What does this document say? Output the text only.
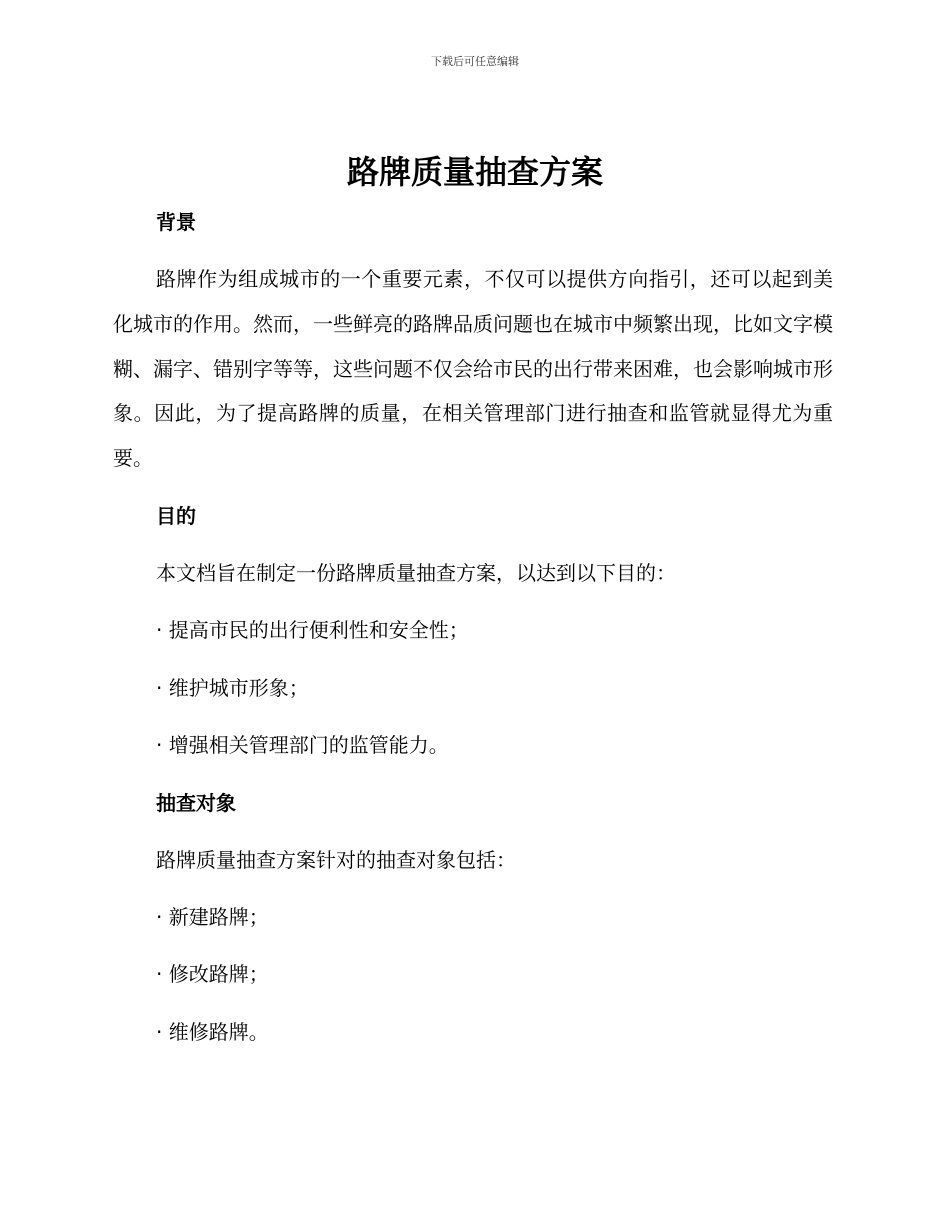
下载后可任意编辑
路牌质量抽查方案
背景

路牌作为组成城市的一个重要元素，不仅可以提供方向指引，还可以起到美化城市的作用。然而，一些鲜亮的路牌品质问题也在城市中频繁出现，比如文字模糊、漏字、错别字等等，这些问题不仅会给市民的出行带来困难，也会影响城市形象。因此，为了提高路牌的质量，在相关管理部门进行抽查和监管就显得尤为重要。

目的

本文档旨在制定一份路牌质量抽查方案，以达到以下目的：

· 提高市民的出行便利性和安全性；

· 维护城市形象；

· 增强相关管理部门的监管能力。

抽查对象

路牌质量抽查方案针对的抽查对象包括：

· 新建路牌；

· 修改路牌；

· 维修路牌。
